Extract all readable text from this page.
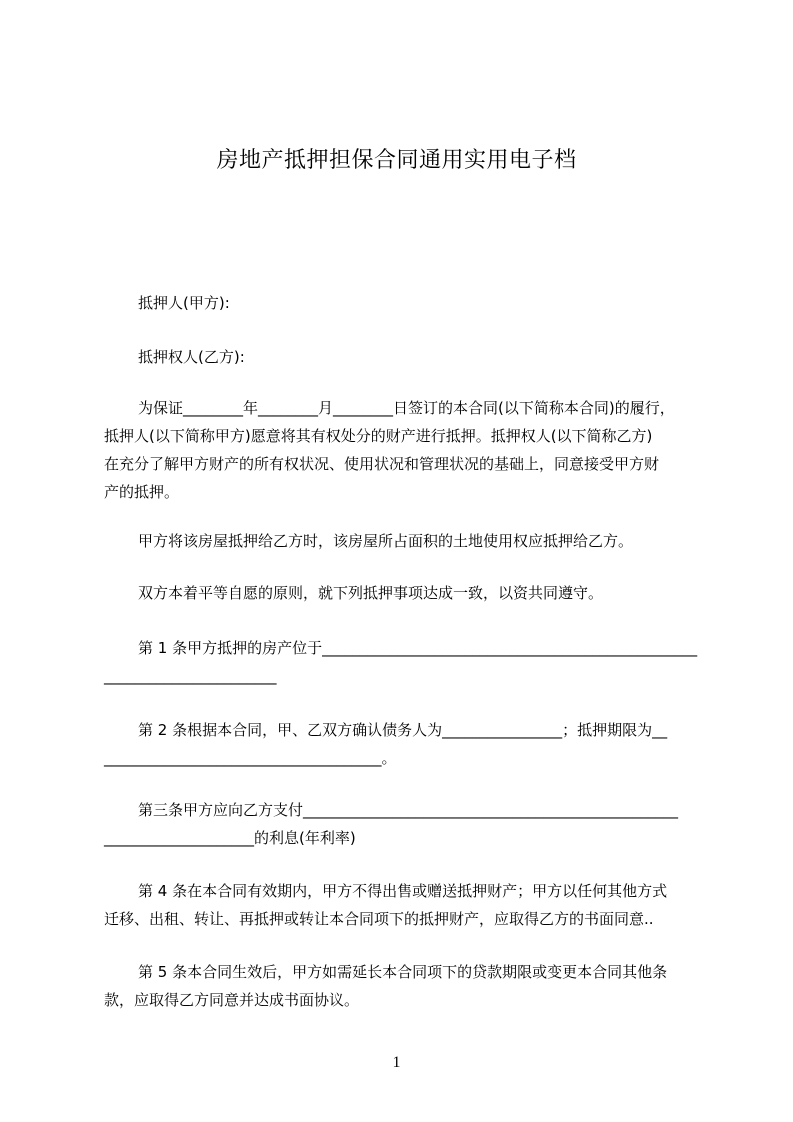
房地产抵押担保合同通用实用电子档
抵押人(甲方):
抵押权人(乙方):
为保证________年________月________日签订的本合同(以下简称本合同)的履行，
抵押人(以下简称甲方)愿意将其有权处分的财产进行抵押。抵押权人(以下简称乙方)
在充分了解甲方财产的所有权状况、使用状况和管理状况的基础上，同意接受甲方财
产的抵押。
甲方将该房屋抵押给乙方时，该房屋所占面积的土地使用权应抵押给乙方。
双方本着平等自愿的原则，就下列抵押事项达成一致，以资共同遵守。
第 1 条甲方抵押的房产位于__________________________________________________
_______________________
第 2 条根据本合同，甲、乙双方确认债务人为________________；抵押期限为__
_____________________________________。
第三条甲方应向乙方支付__________________________________________________
____________________的利息(年利率)
第 4 条在本合同有效期内，甲方不得出售或赠送抵押财产；甲方以任何其他方式
迁移、出租、转让、再抵押或转让本合同项下的抵押财产，应取得乙方的书面同意..
第 5 条本合同生效后，甲方如需延长本合同项下的贷款期限或变更本合同其他条
款，应取得乙方同意并达成书面协议。
1
